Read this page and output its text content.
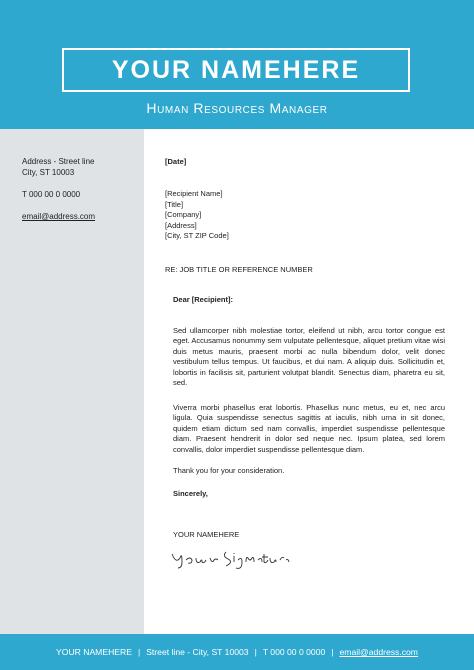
YOUR NAMEHERE
Human Resources Manager
Address - Street line
City, ST 10003
T 000 00 0 0000
email@address.com
[Date]
[Recipient Name]
[Title]
[Company]
[Address]
[City, ST ZIP Code]
RE: JOB TITLE OR REFERENCE NUMBER
Dear [Recipient]:
Sed ullamcorper nibh molestiae tortor, eleifend ut nibh, arcu tortor congue est eget. Accusamus nonummy sem vulputate pellentesque, aliquet pretium vitae wisi duis metus mauris, praesent morbi ac nulla bibendum dolor, velit donec vestibulum tellus tempus. Ut faucibus, et dui nam. A aliquip duis. Sollicitudin et, lobortis in facilisis sit, parturient volutpat blandit. Senectus diam, pharetra eu sit, sed.
Viverra morbi phasellus erat lobortis. Phasellus nunc metus, eu et, nec arcu ligula. Quia suspendisse senectus sagittis at iaculis, nibh urna in sit donec, quidem etiam dictum sed nam convallis, imperdiet suspendisse pellentesque diam. Praesent hendrerit in dolor sed neque nec. Ipsum platea, sed lorem convallis, dolor imperdiet suspendisse pellentesque diam.
Thank you for your consideration.
Sincerely,
YOUR NAMEHERE
YOUR NAMEHERE | Street line - City, ST 10003 | T 000 00 0 0000 | email@address.com
